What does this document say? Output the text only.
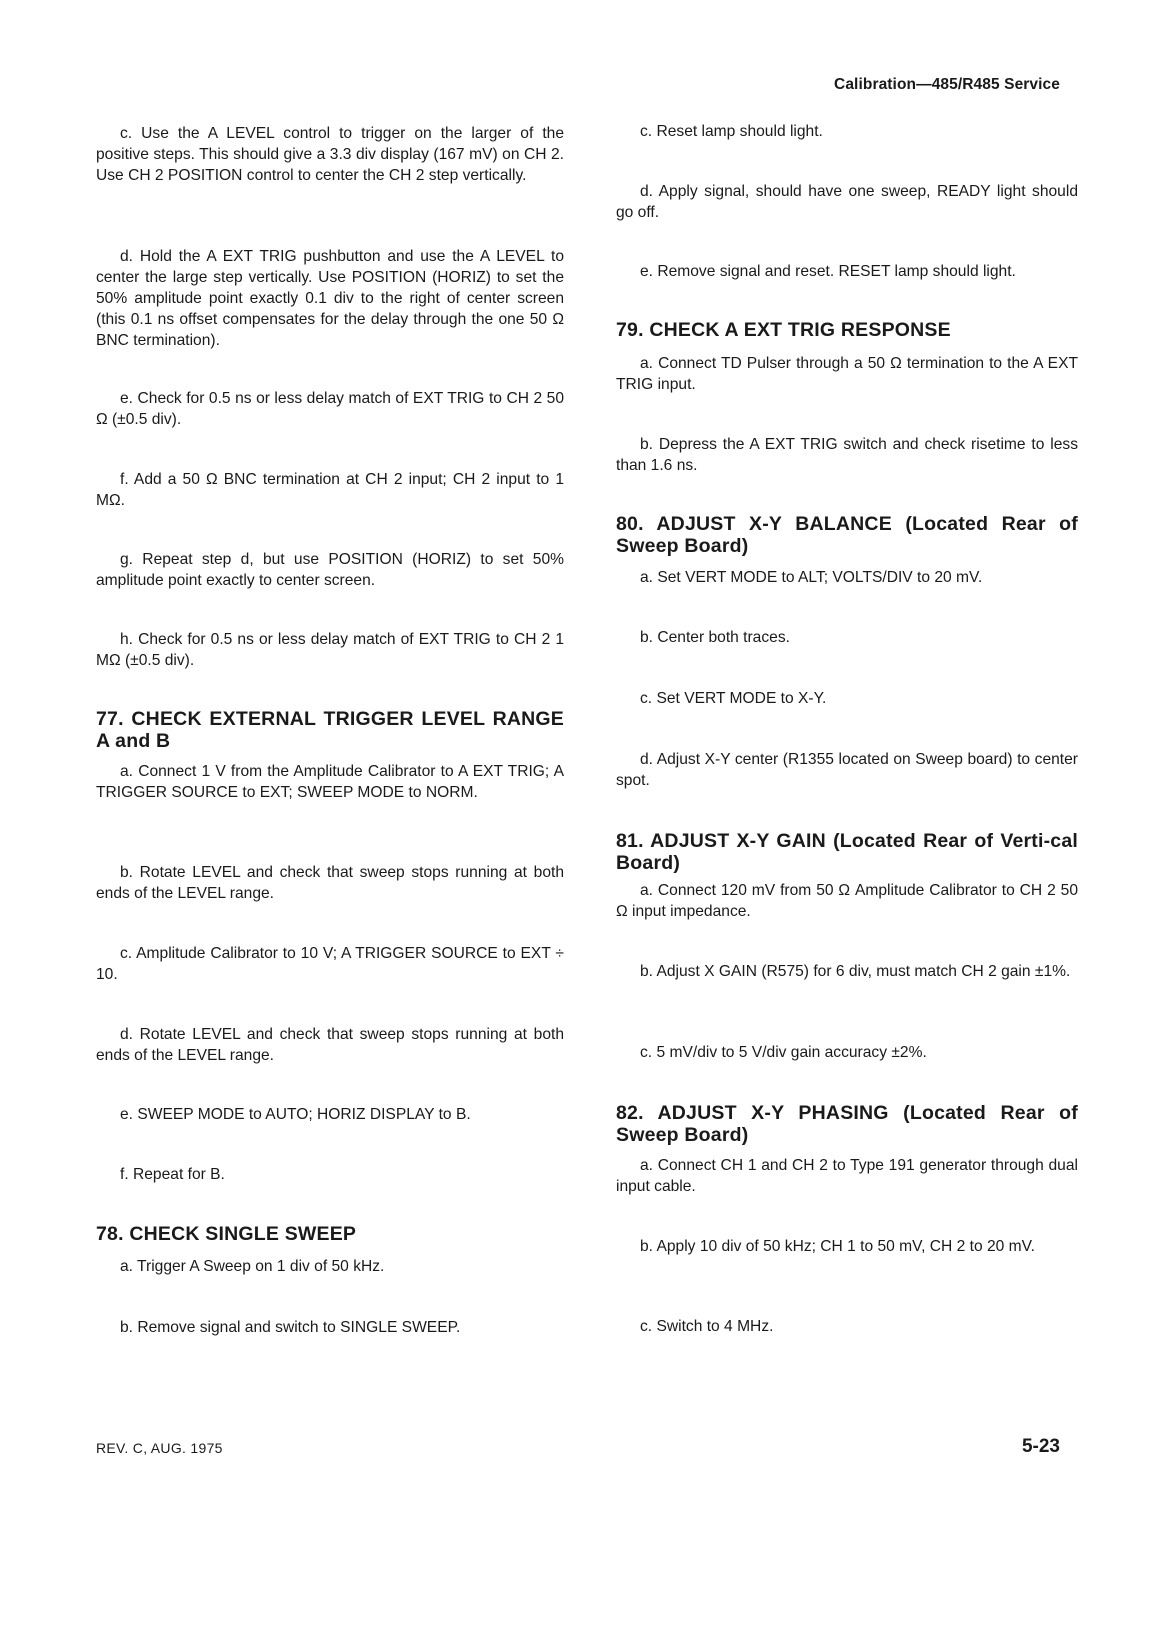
Calibration—485/R485 Service

c. Use the A LEVEL control to trigger on the larger of the positive steps. This should give a 3.3 div display (167 mV) on CH 2. Use CH 2 POSITION control to center the CH 2 step vertically.

d. Hold the A EXT TRIG pushbutton and use the A LEVEL to center the large step vertically. Use POSITION (HORIZ) to set the 50% amplitude point exactly 0.1 div to the right of center screen (this 0.1 ns offset compensates for the delay through the one 50 Ω BNC termination).

e. Check for 0.5 ns or less delay match of EXT TRIG to CH 2 50 Ω (±0.5 div).

f. Add a 50 Ω BNC termination at CH 2 input; CH 2 input to 1 MΩ.

g. Repeat step d, but use POSITION (HORIZ) to set 50% amplitude point exactly to center screen.

h. Check for 0.5 ns or less delay match of EXT TRIG to CH 2 1 MΩ (±0.5 div).

77. CHECK EXTERNAL TRIGGER LEVEL RANGE A and B

a. Connect 1 V from the Amplitude Calibrator to A EXT TRIG; A TRIGGER SOURCE to EXT; SWEEP MODE to NORM.

b. Rotate LEVEL and check that sweep stops running at both ends of the LEVEL range.

c. Amplitude Calibrator to 10 V; A TRIGGER SOURCE to EXT ÷ 10.

d. Rotate LEVEL and check that sweep stops running at both ends of the LEVEL range.

e. SWEEP MODE to AUTO; HORIZ DISPLAY to B.

f. Repeat for B.

78. CHECK SINGLE SWEEP

a. Trigger A Sweep on 1 div of 50 kHz.

b. Remove signal and switch to SINGLE SWEEP.

c. Reset lamp should light.

d. Apply signal, should have one sweep, READY light should go off.

e. Remove signal and reset. RESET lamp should light.

79. CHECK A EXT TRIG RESPONSE

a. Connect TD Pulser through a 50 Ω termination to the A EXT TRIG input.

b. Depress the A EXT TRIG switch and check risetime to less than 1.6 ns.

80. ADJUST X-Y BALANCE (Located Rear of Sweep Board)

a. Set VERT MODE to ALT; VOLTS/DIV to 20 mV.

b. Center both traces.

c. Set VERT MODE to X-Y.

d. Adjust X-Y center (R1355 located on Sweep board) to center spot.

81. ADJUST X-Y GAIN (Located Rear of Verti-cal Board)

a. Connect 120 mV from 50 Ω Amplitude Calibrator to CH 2 50 Ω input impedance.

b. Adjust X GAIN (R575) for 6 div, must match CH 2 gain ±1%.

c. 5 mV/div to 5 V/div gain accuracy ±2%.

82. ADJUST X-Y PHASING (Located Rear of Sweep Board)

a. Connect CH 1 and CH 2 to Type 191 generator through dual input cable.

b. Apply 10 div of 50 kHz; CH 1 to 50 mV, CH 2 to 20 mV.

c. Switch to 4 MHz.

REV. C, AUG. 1975	5-23
